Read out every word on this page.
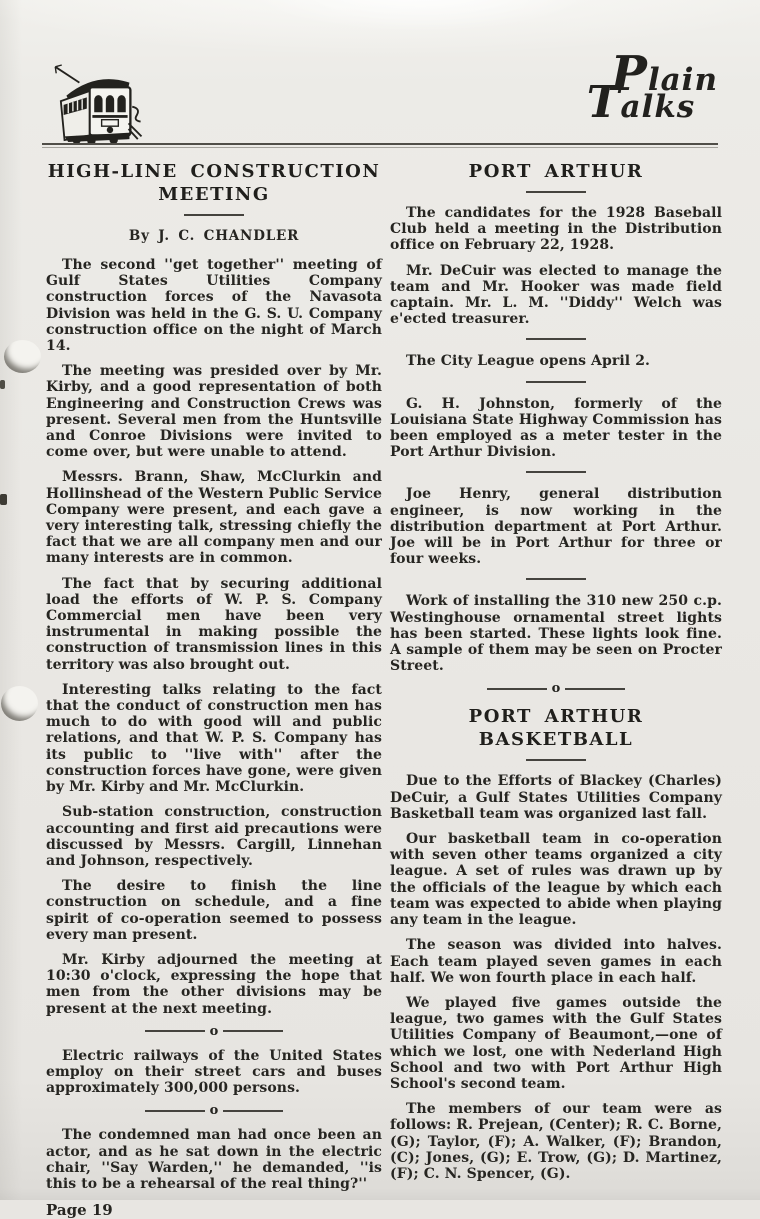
Plain
Talks
HIGH-LINE CONSTRUCTION MEETING
By J. C. CHANDLER

The second ''get together'' meeting of Gulf States Utilities Company construction forces of the Navasota Division was held in the G. S. U. Company construction office on the night of March 14.

The meeting was presided over by Mr. Kirby, and a good representation of both Engineering and Construction Crews was present. Several men from the Huntsville and Conroe Divisions were invited to come over, but were unable to attend.

Messrs. Brann, Shaw, McClurkin and Hollinshead of the Western Public Service Company were present, and each gave a very interesting talk, stressing chiefly the fact that we are all company men and our many interests are in common.

The fact that by securing additional load the efforts of W. P. S. Company Commercial men have been very instrumental in making possible the construction of transmission lines in this territory was also brought out.

Interesting talks relating to the fact that the conduct of construction men has much to do with good will and public relations, and that W. P. S. Company has its public to ''live with'' after the construction forces have gone, were given by Mr. Kirby and Mr. McClurkin.

Sub-station construction, construction accounting and first aid precautions were discussed by Messrs. Cargill, Linnehan and Johnson, respectively.

The desire to finish the line construction on schedule, and a fine spirit of co-operation seemed to possess every man present.

Mr. Kirby adjourned the meeting at 10:30 o'clock, expressing the hope that men from the other divisions may be present at the next meeting.

o

Electric railways of the United States employ on their street cars and buses approximately 300,000 persons.

o

The condemned man had once been an actor, and as he sat down in the electric chair, ''Say Warden,'' he demanded, ''is this to be a rehearsal of the real thing?''

Page 19
PORT ARTHUR

The candidates for the 1928 Baseball Club held a meeting in the Distribution office on February 22, 1928.

Mr. DeCuir was elected to manage the team and Mr. Hooker was made field captain. Mr. L. M. ''Diddy'' Welch was e'ected treasurer.

The City League opens April 2.

G. H. Johnston, formerly of the Louisiana State Highway Commission has been employed as a meter tester in the Port Arthur Division.

Joe Henry, general distribution engineer, is now working in the distribution department at Port Arthur. Joe will be in Port Arthur for three or four weeks.

Work of installing the 310 new 250 c.p. Westinghouse ornamental street lights has been started. These lights look fine. A sample of them may be seen on Procter Street.

o
PORT ARTHUR BASKETBALL

Due to the Efforts of Blackey (Charles) DeCuir, a Gulf States Utilities Company Basketball team was organized last fall.

Our basketball team in co-operation with seven other teams organized a city league. A set of rules was drawn up by the officials of the league by which each team was expected to abide when playing any team in the league.

The season was divided into halves. Each team played seven games in each half. We won fourth place in each half.

We played five games outside the league, two games with the Gulf States Utilities Company of Beaumont,—one of which we lost, one with Nederland High School and two with Port Arthur High School's second team.

The members of our team were as follows: R. Prejean, (Center); R. C. Borne, (G); Taylor, (F); A. Walker, (F); Brandon, (C); Jones, (G); E. Trow, (G); D. Martinez, (F); C. N. Spencer, (G).
